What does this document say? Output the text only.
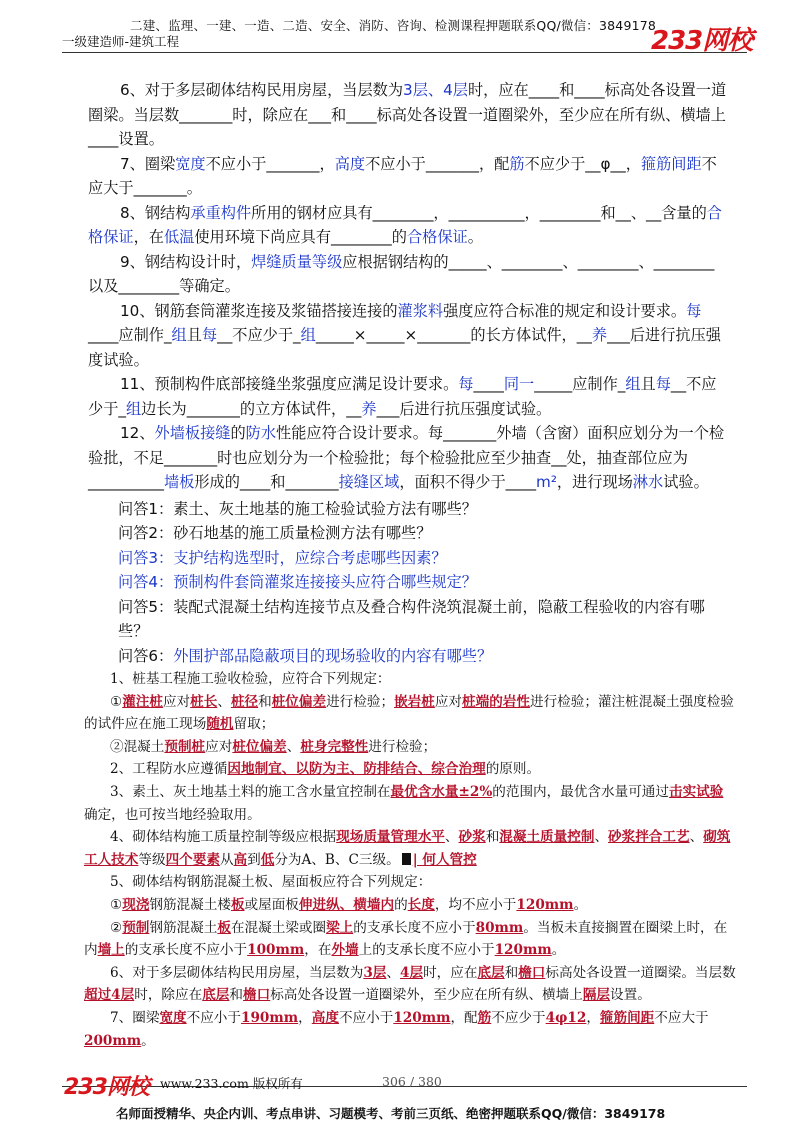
二建、监理、一建、一造、二造、安全、消防、咨询、检测课程押题联系QQ/微信：3849178
一级建造师-建筑工程	233网校

6、对于多层砌体结构民用房屋，当层数为3层、4层时，应在____和____标高处各设置一道圈梁。当层数_______时，除应在___和____标高处各设置一道圈梁外，至少应在所有纵、横墙上____设置。

7、圈梁宽度不应小于_______，高度不应小于_______，配筋不应少于__φ__，箍筋间距不应大于_______。

8、钢结构承重构件所用的钢材应具有________，__________，________和__、__含量的合格保证，在低温使用环境下尚应具有________的合格保证。

9、钢结构设计时，焊缝质量等级应根据钢结构的_____、________、________、________以及________等确定。

10、钢筋套筒灌浆连接及浆锚搭接连接的灌浆料强度应符合标准的规定和设计要求。每____应制作_组且每__不应少于_组_____×_____×_______的长方体试件，__养___后进行抗压强度试验。

11、预制构件底部接缝坐浆强度应满足设计要求。每____同一_____应制作_组且每__不应少于_组边长为_______的立方体试件，__养___后进行抗压强度试验。

12、外墙板接缝的防水性能应符合设计要求。每_______外墙（含窗）面积应划分为一个检验批，不足_______时也应划分为一个检验批；每个检验批应至少抽查__处，抽查部位应为__________墙板形成的____和_______接缝区域，面积不得少于____m²，进行现场淋水试验。

问答1：素土、灰土地基的施工检验试验方法有哪些？

问答2：砂石地基的施工质量检测方法有哪些？

问答3：支护结构选型时，应综合考虑哪些因素？

问答4：预制构件套筒灌浆连接接头应符合哪些规定？

问答5：装配式混凝土结构连接节点及叠合构件浇筑混凝土前，隐蔽工程验收的内容有哪些？

问答6：外围护部品隐蔽项目的现场验收的内容有哪些？

1、桩基工程施工验收检验，应符合下列规定：

①灌注桩应对桩长、桩径和桩位偏差进行检验；嵌岩桩应对桩端的岩性进行检验；灌注桩混凝土强度检验的试件应在施工现场随机留取；

②混凝土预制桩应对桩位偏差、桩身完整性进行检验；

2、工程防水应遵循因地制宜、以防为主、防排结合、综合治理的原则。

3、素土、灰土地基土料的施工含水量宜控制在最优含水量±2%的范围内，最优含水量可通过击实试验确定，也可按当地经验取用。

4、砌体结构施工质量控制等级应根据现场质量管理水平、砂浆和混凝土质量控制、砂浆拌合工艺、砌筑工人技术等级四个要素从高到低分为A、B、C三级。 | 何人管控

5、砌体结构钢筋混凝土板、屋面板应符合下列规定：

①现浇钢筋混凝土楼板或屋面板伸进纵、横墙内的长度，均不应小于120mm。

②预制钢筋混凝土板在混凝土梁或圈梁上的支承长度不应小于80mm。当板未直接搁置在圈梁上时，在内墙上的支承长度不应小于100mm，在外墙上的支承长度不应小于120mm。

6、对于多层砌体结构民用房屋，当层数为3层、4层时，应在底层和檐口标高处各设置一道圈梁。当层数超过4层时，除应在底层和檐口标高处各设置一道圈梁外，至少应在所有纵、横墙上隔层设置。

7、圈梁宽度不应小于190mm，高度不应小于120mm，配筋不应少于4φ12，箍筋间距不应大于200mm。

233网校 www.233.com 版权所有	306 / 380
名师面授精华、央企内训、考点串讲、习题模考、考前三页纸、绝密押题联系QQ/微信：3849178
